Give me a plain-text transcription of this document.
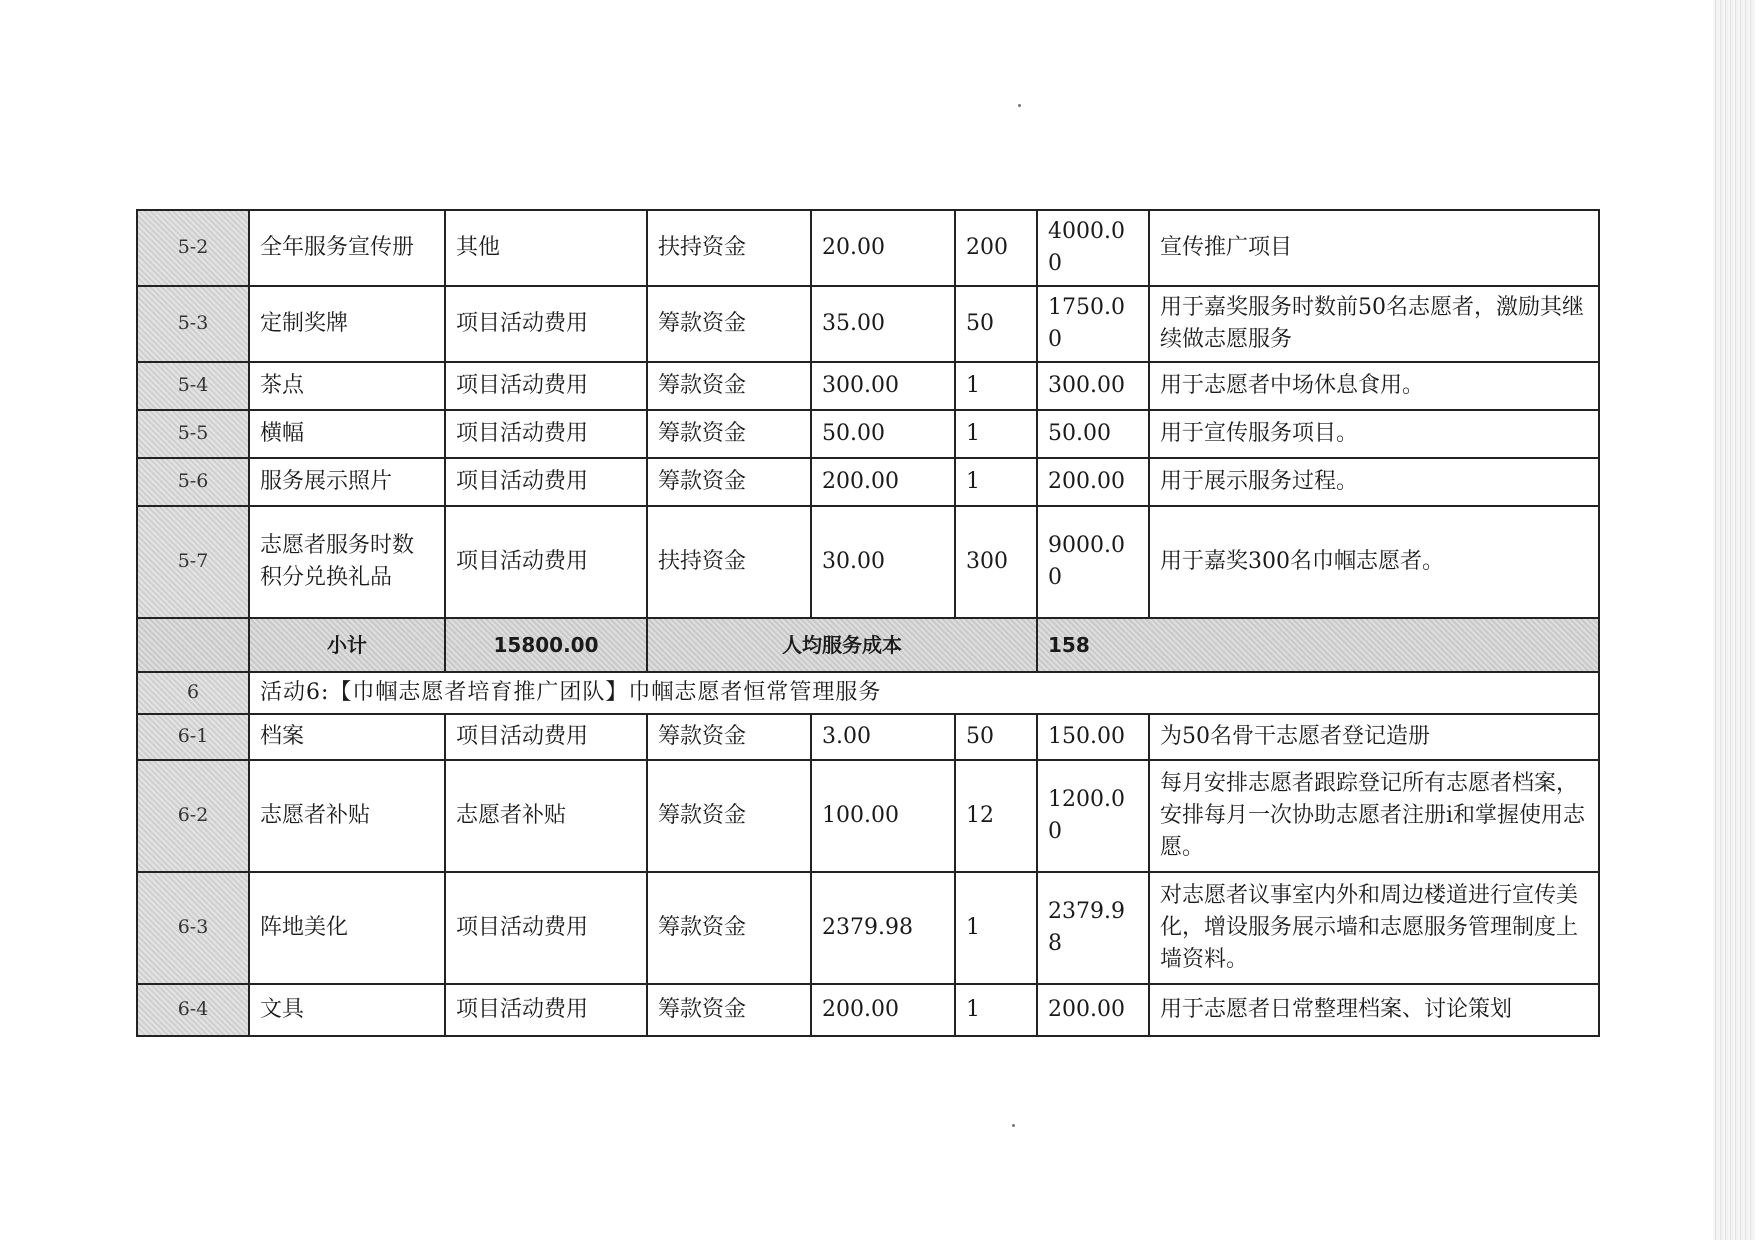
5-2	全年服务宣传册	其他	扶持资金	20.00	200	4000.00	宣传推广项目
5-3	定制奖牌	项目活动费用	筹款资金	35.00	50	1750.00	用于嘉奖服务时数前50名志愿者，激励其继续做志愿服务
5-4	茶点	项目活动费用	筹款资金	300.00	1	300.00	用于志愿者中场休息食用。
5-5	横幅	项目活动费用	筹款资金	50.00	1	50.00	用于宣传服务项目。
5-6	服务展示照片	项目活动费用	筹款资金	200.00	1	200.00	用于展示服务过程。
5-7	志愿者服务时数积分兑换礼品	项目活动费用	扶持资金	30.00	300	9000.00	用于嘉奖300名巾帼志愿者。
	小计	15800.00	人均服务成本			158	
6	活动6:【巾帼志愿者培育推广团队】巾帼志愿者恒常管理服务						
6-1	档案	项目活动费用	筹款资金	3.00	50	150.00	为50名骨干志愿者登记造册
6-2	志愿者补贴	志愿者补贴	筹款资金	100.00	12	1200.00	每月安排志愿者跟踪登记所有志愿者档案，安排每月一次协助志愿者注册i和掌握使用志愿。
6-3	阵地美化	项目活动费用	筹款资金	2379.98	1	2379.98	对志愿者议事室内外和周边楼道进行宣传美化，增设服务展示墙和志愿服务管理制度上墙资料。
6-4	文具	项目活动费用	筹款资金	200.00	1	200.00	用于志愿者日常整理档案、讨论策划
